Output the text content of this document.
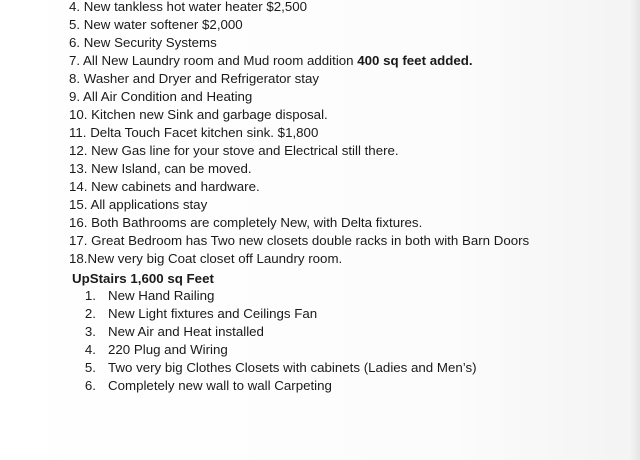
4. New tankless hot water heater $2,500
5. New water softener $2,000
6. New Security Systems
7. All New Laundry room and Mud room addition 400 sq feet added.
8. Washer and Dryer and Refrigerator stay
9. All Air Condition and Heating
10. Kitchen new Sink and garbage disposal.
11. Delta Touch Facet kitchen sink. $1,800
12. New Gas line for your stove and Electrical still there.
13. New Island, can be moved.
14. New cabinets and hardware.
15. All applications stay
16. Both Bathrooms are completely New, with Delta fixtures.
17. Great Bedroom has Two new closets double racks in both with Barn Doors
18.New very big Coat closet off Laundry room.
UpStairs 1,600 sq Feet
1. New Hand Railing
2. New Light fixtures and Ceilings Fan
3. New Air and Heat installed
4. 220 Plug and Wiring
5. Two very big Clothes Closets with cabinets (Ladies and Men’s)
6. Completely new wall to wall Carpeting
